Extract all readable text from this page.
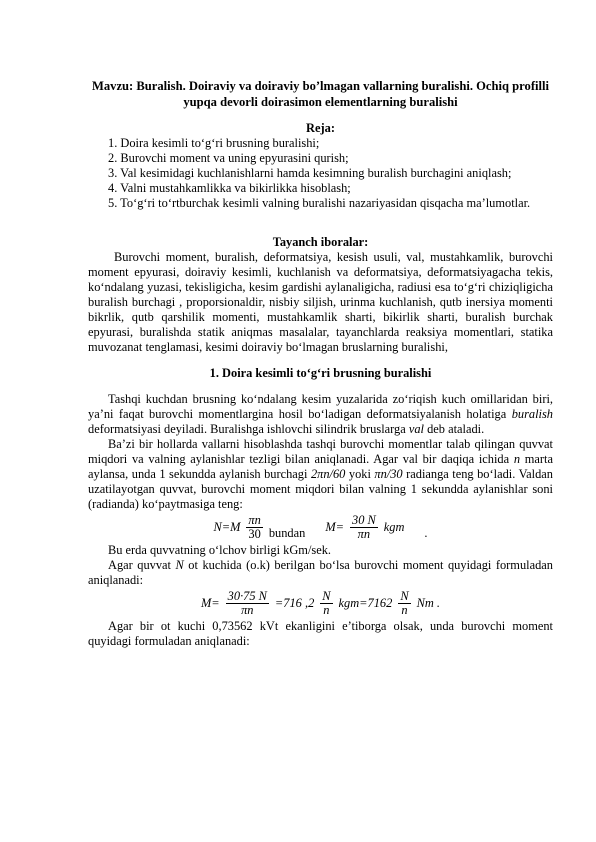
Mavzu: Buralish. Doiraviy va doiraviy bo’lmagan vallarning buralishi. Ochiq profilli yupqa devorli doirasimon elementlarning buralishi

Reja:

1. Doira kesimli to‘g‘ri brusning buralishi;

2. Burovchi moment va uning epyurasini qurish;

3. Val kesimidagi kuchlanishlarni hamda kesimning buralish burchagini aniqlash;

4. Valni mustahkamlikka va bikirlikka hisoblash;

5. To‘g‘ri to‘rtburchak kesimli valning buralishi nazariyasidan qisqacha ma’lumotlar.

Tayanch iboralar:

Burovchi moment, buralish, deformatsiya, kesish usuli, val, mustahkamlik, burovchi moment epyurasi, doiraviy kesimli, kuchlanish va deformatsiya, deformatsiyagacha tekis, ko‘ndalang yuzasi, tekisligicha, kesim gardishi aylanaligicha, radiusi esa to‘g‘ri chiziqligicha buralish burchagi , proporsionaldir, nisbiy siljish, urinma kuchlanish, qutb inersiya momenti bikrlik, qutb qarshilik momenti, mustahkamlik sharti, bikirlik sharti, buralish burchak epyurasi, buralishda statik aniqmas masalalar, tayanchlarda reaksiya momentlari, statika muvozanat tenglamasi, kesimi doiraviy bo‘lmagan bruslarning buralishi,

1. Doira kesimli to‘g‘ri brusning buralishi

Tashqi kuchdan brusning ko‘ndalang kesim yuzalarida zo‘riqish kuch omillaridan biri, ya’ni faqat burovchi momentlargina hosil bo‘ladigan deformatsiyalanish holatiga buralish deformatsiyasi deyiladi. Buralishga ishlovchi silindrik bruslarga val deb ataladi.

Ba’zi bir hollarda vallarni hisoblashda tashqi burovchi momentlar talab qilingan quvvat miqdori va valning aylanishlar tezligi bilan aniqlanadi. Agar val bir daqiqa ichida n marta aylansa, unda 1 sekundda aylanish burchagi 2πn/60 yoki πn/30 radianga teng bo‘ladi. Valdan uzatilayotgan quvvat, burovchi moment miqdori bilan valning 1 sekundda aylanishlar soni (radianda) ko‘paytmasiga teng:

$N=M \frac{\pi n}{30}$ bundan $M= \frac{30 N}{\pi n}$ kgm .

Bu erda quvvatning o‘lchov birligi kGm/sek.

Agar quvvat N ot kuchida (o.k) berilgan bo‘lsa burovchi moment quyidagi formuladan aniqlanadi:

$M= \frac{30\cdot 75 N}{\pi n} =716$ $,2 \frac{N}{n} kgm=7162 \frac{N}{n}$ Nm .

Agar bir ot kuchi 0,73562 kVt ekanligini e’tiborga olsak, unda burovchi moment quyidagi formuladan aniqlanadi:
